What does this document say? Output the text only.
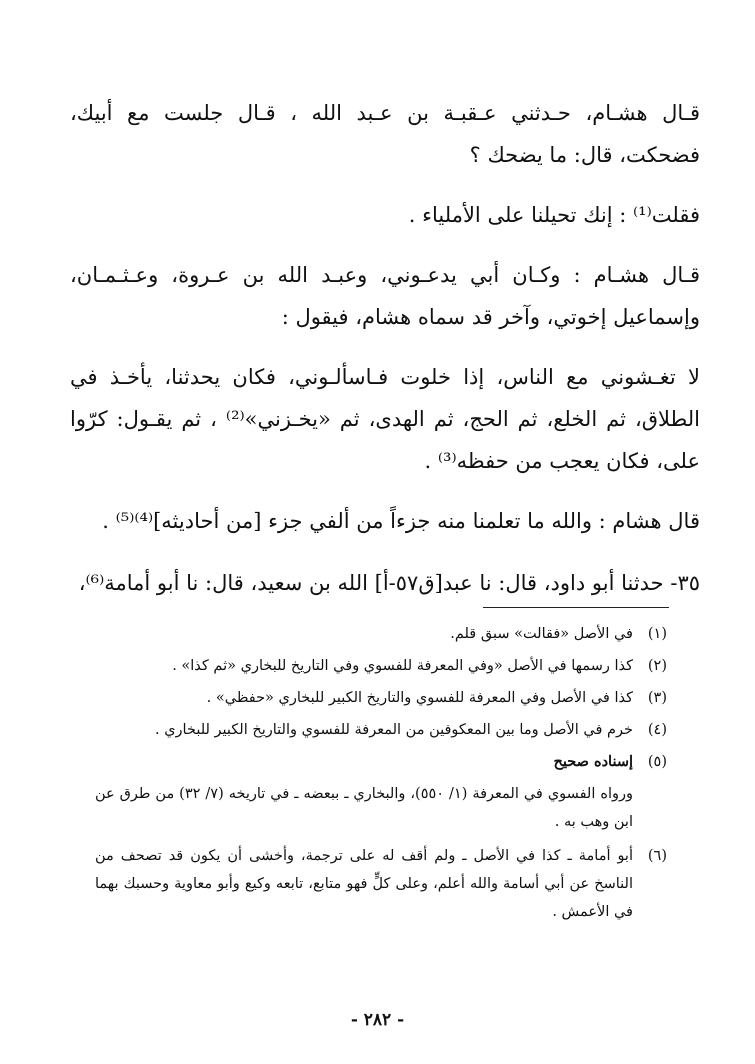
قـال هشـام، حـدثني عـقبـة بن عـبد الله ، قـال جلست مع أبيك، فضحكت، قال: ما يضحك ؟

فقلت⁽¹⁾ : إنك تحيلنا على الأملياء .

قـال هشـام : وكـان أبي يدعـوني، وعبـد الله بن عـروة، وعـثـمـان، وإسماعيل إخوتي، وآخر قد سماه هشام، فيقول :

لا تغـشوني مع الناس، إذا خلوت فـاسألـوني، فكان يحدثنا، يأخـذ في الطلاق، ثم الخلع، ثم الحج، ثم الهدى، ثم «يخـزني»⁽²⁾ ، ثم يقـول: كرّوا على، فكان يعجب من حفظه⁽³⁾ .

قال هشام : والله ما تعلمنا منه جزءاً من ألفي جزء [من أحاديثه]⁽⁴⁾⁽⁵⁾ .

٣٥- حدثنا أبو داود، قال: نا عبد[ق٥٧-أ] الله بن سعيد، قال: نا أبو أمامة⁽⁶⁾،

(١)
في الأصل «فقالت» سبق قلم.
(٢)
كذا رسمها في الأصل «وفي المعرفة للفسوي وفي التاريخ للبخاري «ثم كذا» .
(٣)
كذا في الأصل وفي المعرفة للفسوي والتاريخ الكبير للبخاري «حفظي» .
(٤)
خرم في الأصل وما بين المعكوفين من المعرفة للفسوي والتاريخ الكبير للبخاري .
(٥)
إسناده صحيح
ورواه الفسوي في المعرفة (١/ ٥٥٠)، والبخاري ـ ببعضه ـ في تاريخه (٧/ ٣٢) من طرق عن ابن وهب به .
(٦)
أبو أمامة ـ كذا في الأصل ـ ولم أقف له على ترجمة، وأخشى أن يكون قد تصحف من الناسخ عن أبي أسامة والله أعلم، وعلى كلٍّ فهو متابع، تابعه وكيع وأبو معاوية وحسبك بهما في الأعمش .
- ٢٨٢ -
